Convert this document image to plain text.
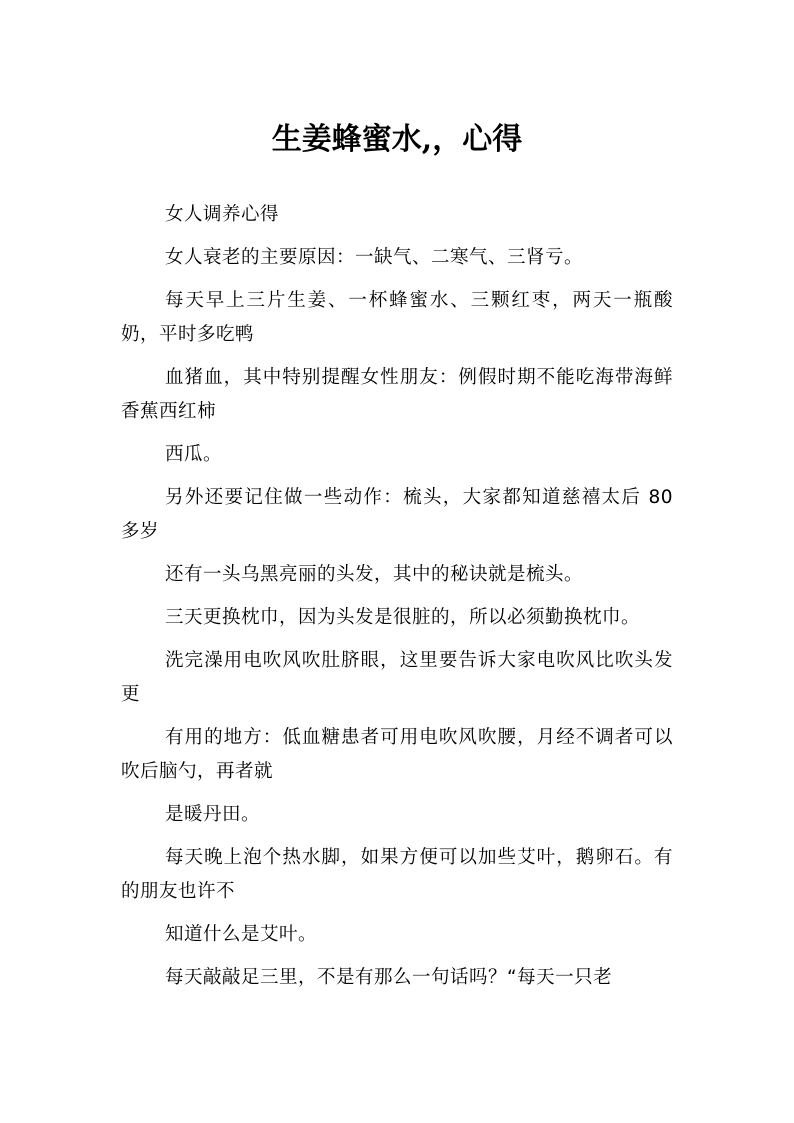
生姜蜂蜜水,，心得

女人调养心得

女人衰老的主要原因：一缺气、二寒气、三肾亏。

每天早上三片生姜、一杯蜂蜜水、三颗红枣，两天一瓶酸奶，平时多吃鸭

血猪血，其中特别提醒女性朋友：例假时期不能吃海带海鲜香蕉西红柿

西瓜。

另外还要记住做一些动作：梳头，大家都知道慈禧太后 80 多岁

还有一头乌黑亮丽的头发，其中的秘诀就是梳头。

三天更换枕巾，因为头发是很脏的，所以必须勤换枕巾。

洗完澡用电吹风吹肚脐眼，这里要告诉大家电吹风比吹头发更

有用的地方：低血糖患者可用电吹风吹腰，月经不调者可以吹后脑勺，再者就

是暖丹田。

每天晚上泡个热水脚，如果方便可以加些艾叶，鹅卵石。有的朋友也许不

知道什么是艾叶。

每天敲敲足三里，不是有那么一句话吗？“每天一只老
